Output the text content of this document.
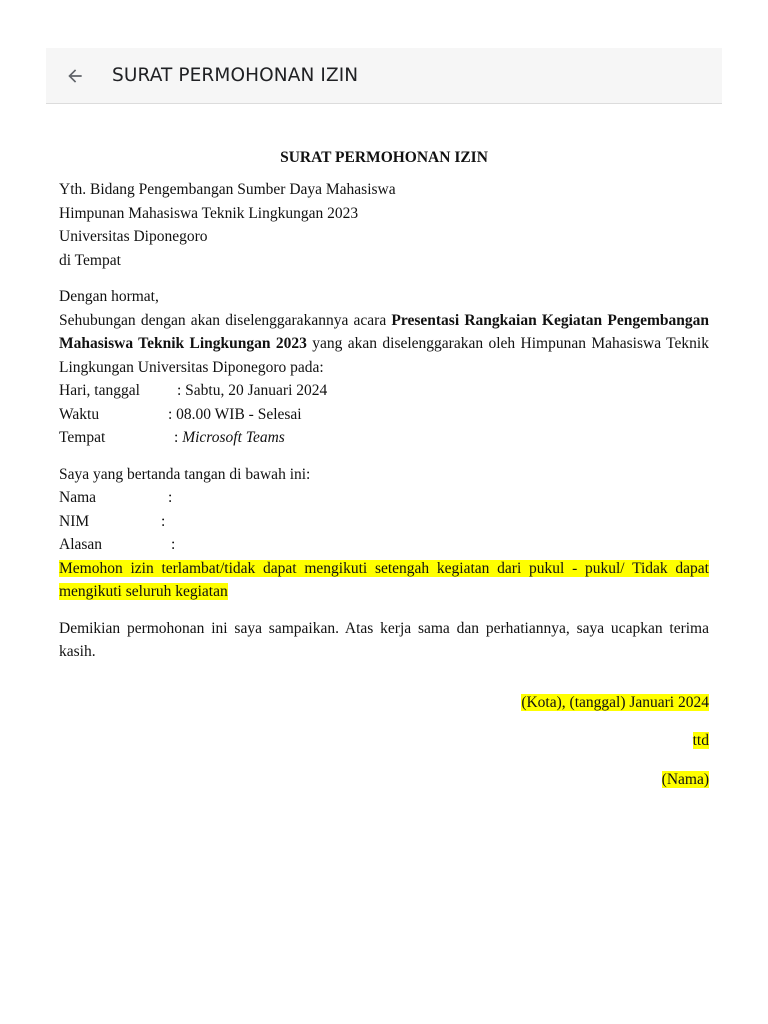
SURAT PERMOHONAN IZIN
SURAT PERMOHONAN IZIN
Yth. Bidang Pengembangan Sumber Daya Mahasiswa
Himpunan Mahasiswa Teknik Lingkungan 2023
Universitas Diponegoro
di Tempat
Dengan hormat,
Sehubungan dengan akan diselenggarakannya acara Presentasi Rangkaian Kegiatan Pengembangan Mahasiswa Teknik Lingkungan 2023 yang akan diselenggarakan oleh Himpunan Mahasiswa Teknik Lingkungan Universitas Diponegoro pada:
Hari, tanggal : Sabtu, 20 Januari 2024
Waktu	: 08.00 WIB - Selesai
Tempat	: Microsoft Teams
Saya yang bertanda tangan di bawah ini:
Nama	:
NIM	:
Alasan	:
Memohon izin terlambat/tidak dapat mengikuti setengah kegiatan dari pukul - pukul/ Tidak dapat mengikuti seluruh kegiatan
Demikian permohonan ini saya sampaikan. Atas kerja sama dan perhatiannya, saya ucapkan terima kasih.
(Kota), (tanggal) Januari 2024
ttd
(Nama)
